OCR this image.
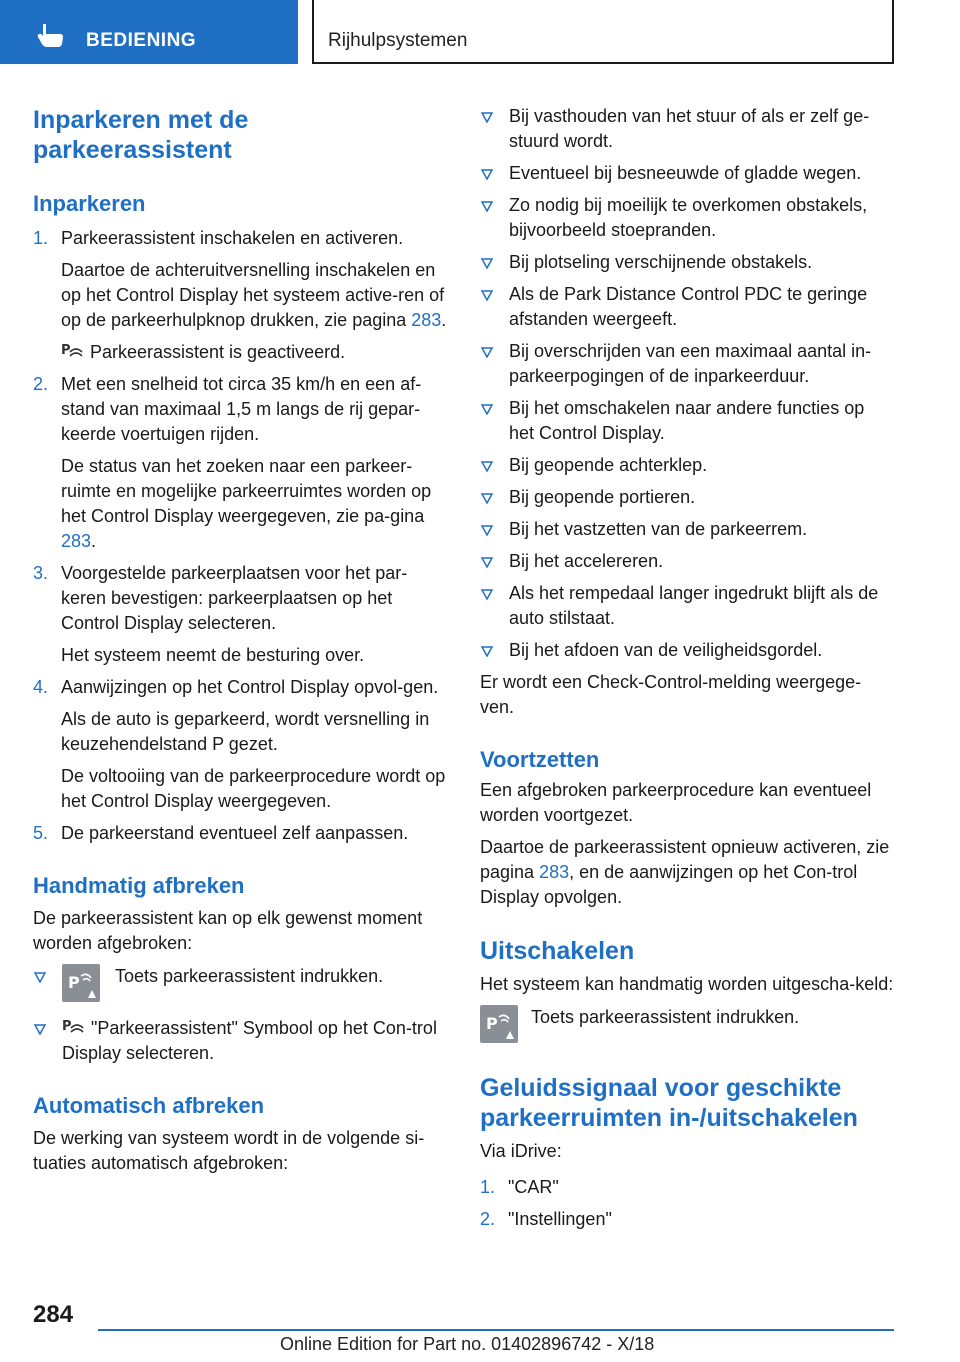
BEDIENING	Rijhulpsystemen
Inparkeren met de parkeerassistent
Inparkeren
1. Parkeerassistent inschakelen en activeren.

Daartoe de achteruitversnelling inschakelen en op het Control Display het systeem active-ren of op de parkeerhulpknop drukken, zie pagina 283.

P Parkeerassistent is geactiveerd.

2. Met een snelheid tot circa 35 km/h en een af-stand van maximaal 1,5 m langs de rij gepar-keerde voertuigen rijden.

De status van het zoeken naar een parkeer-ruimte en mogelijke parkeerruimtes worden op het Control Display weergegeven, zie pa-gina 283.

3. Voorgestelde parkeerplaatsen voor het par-keren bevestigen: parkeerplaatsen op het Control Display selecteren.

Het systeem neemt de besturing over.

4. Aanwijzingen op het Control Display opvol-gen.

Als de auto is geparkeerd, wordt versnelling in keuzehendelstand P gezet.

De voltooiing van de parkeerprocedure wordt op het Control Display weergegeven.

5. De parkeerstand eventueel zelf aanpassen.

Handmatig afbreken

De parkeerassistent kan op elk gewenst moment worden afgebroken:

P Toets parkeerassistent indrukken.
P "Parkeerassistent" Symbool op het Con-trol Display selecteren.
Automatisch afbreken

De werking van systeem wordt in de volgende si-tuaties automatisch afgebroken:

Bij vasthouden van het stuur of als er zelf ge-stuurd wordt.
Eventueel bij besneeuwde of gladde wegen.
Zo nodig bij moeilijk te overkomen obstakels, bijvoorbeeld stoepranden.
Bij plotseling verschijnende obstakels.
Als de Park Distance Control PDC te geringe afstanden weergeeft.
Bij overschrijden van een maximaal aantal in-parkeerpogingen of de inparkeerduur.
Bij het omschakelen naar andere functies op het Control Display.
Bij geopende achterklep.
Bij geopende portieren.
Bij het vastzetten van de parkeerrem.
Bij het accelereren.
Als het rempedaal langer ingedrukt blijft als de auto stilstaat.
Bij het afdoen van de veiligheidsgordel.

Er wordt een Check-Control-melding weergege-ven.

Voortzetten

Een afgebroken parkeerprocedure kan eventueel worden voortgezet.

Daartoe de parkeerassistent opnieuw activeren, zie pagina 283, en de aanwijzingen op het Con-trol Display opvolgen.

Uitschakelen

Het systeem kan handmatig worden uitgescha-keld:

P Toets parkeerassistent indrukken.

Geluidssignaal voor geschikte parkeerruimten in-/uitschakelen

Via iDrive:

1. "CAR"

2. "Instellingen"

284
Online Edition for Part no. 01402896742 - X/18
